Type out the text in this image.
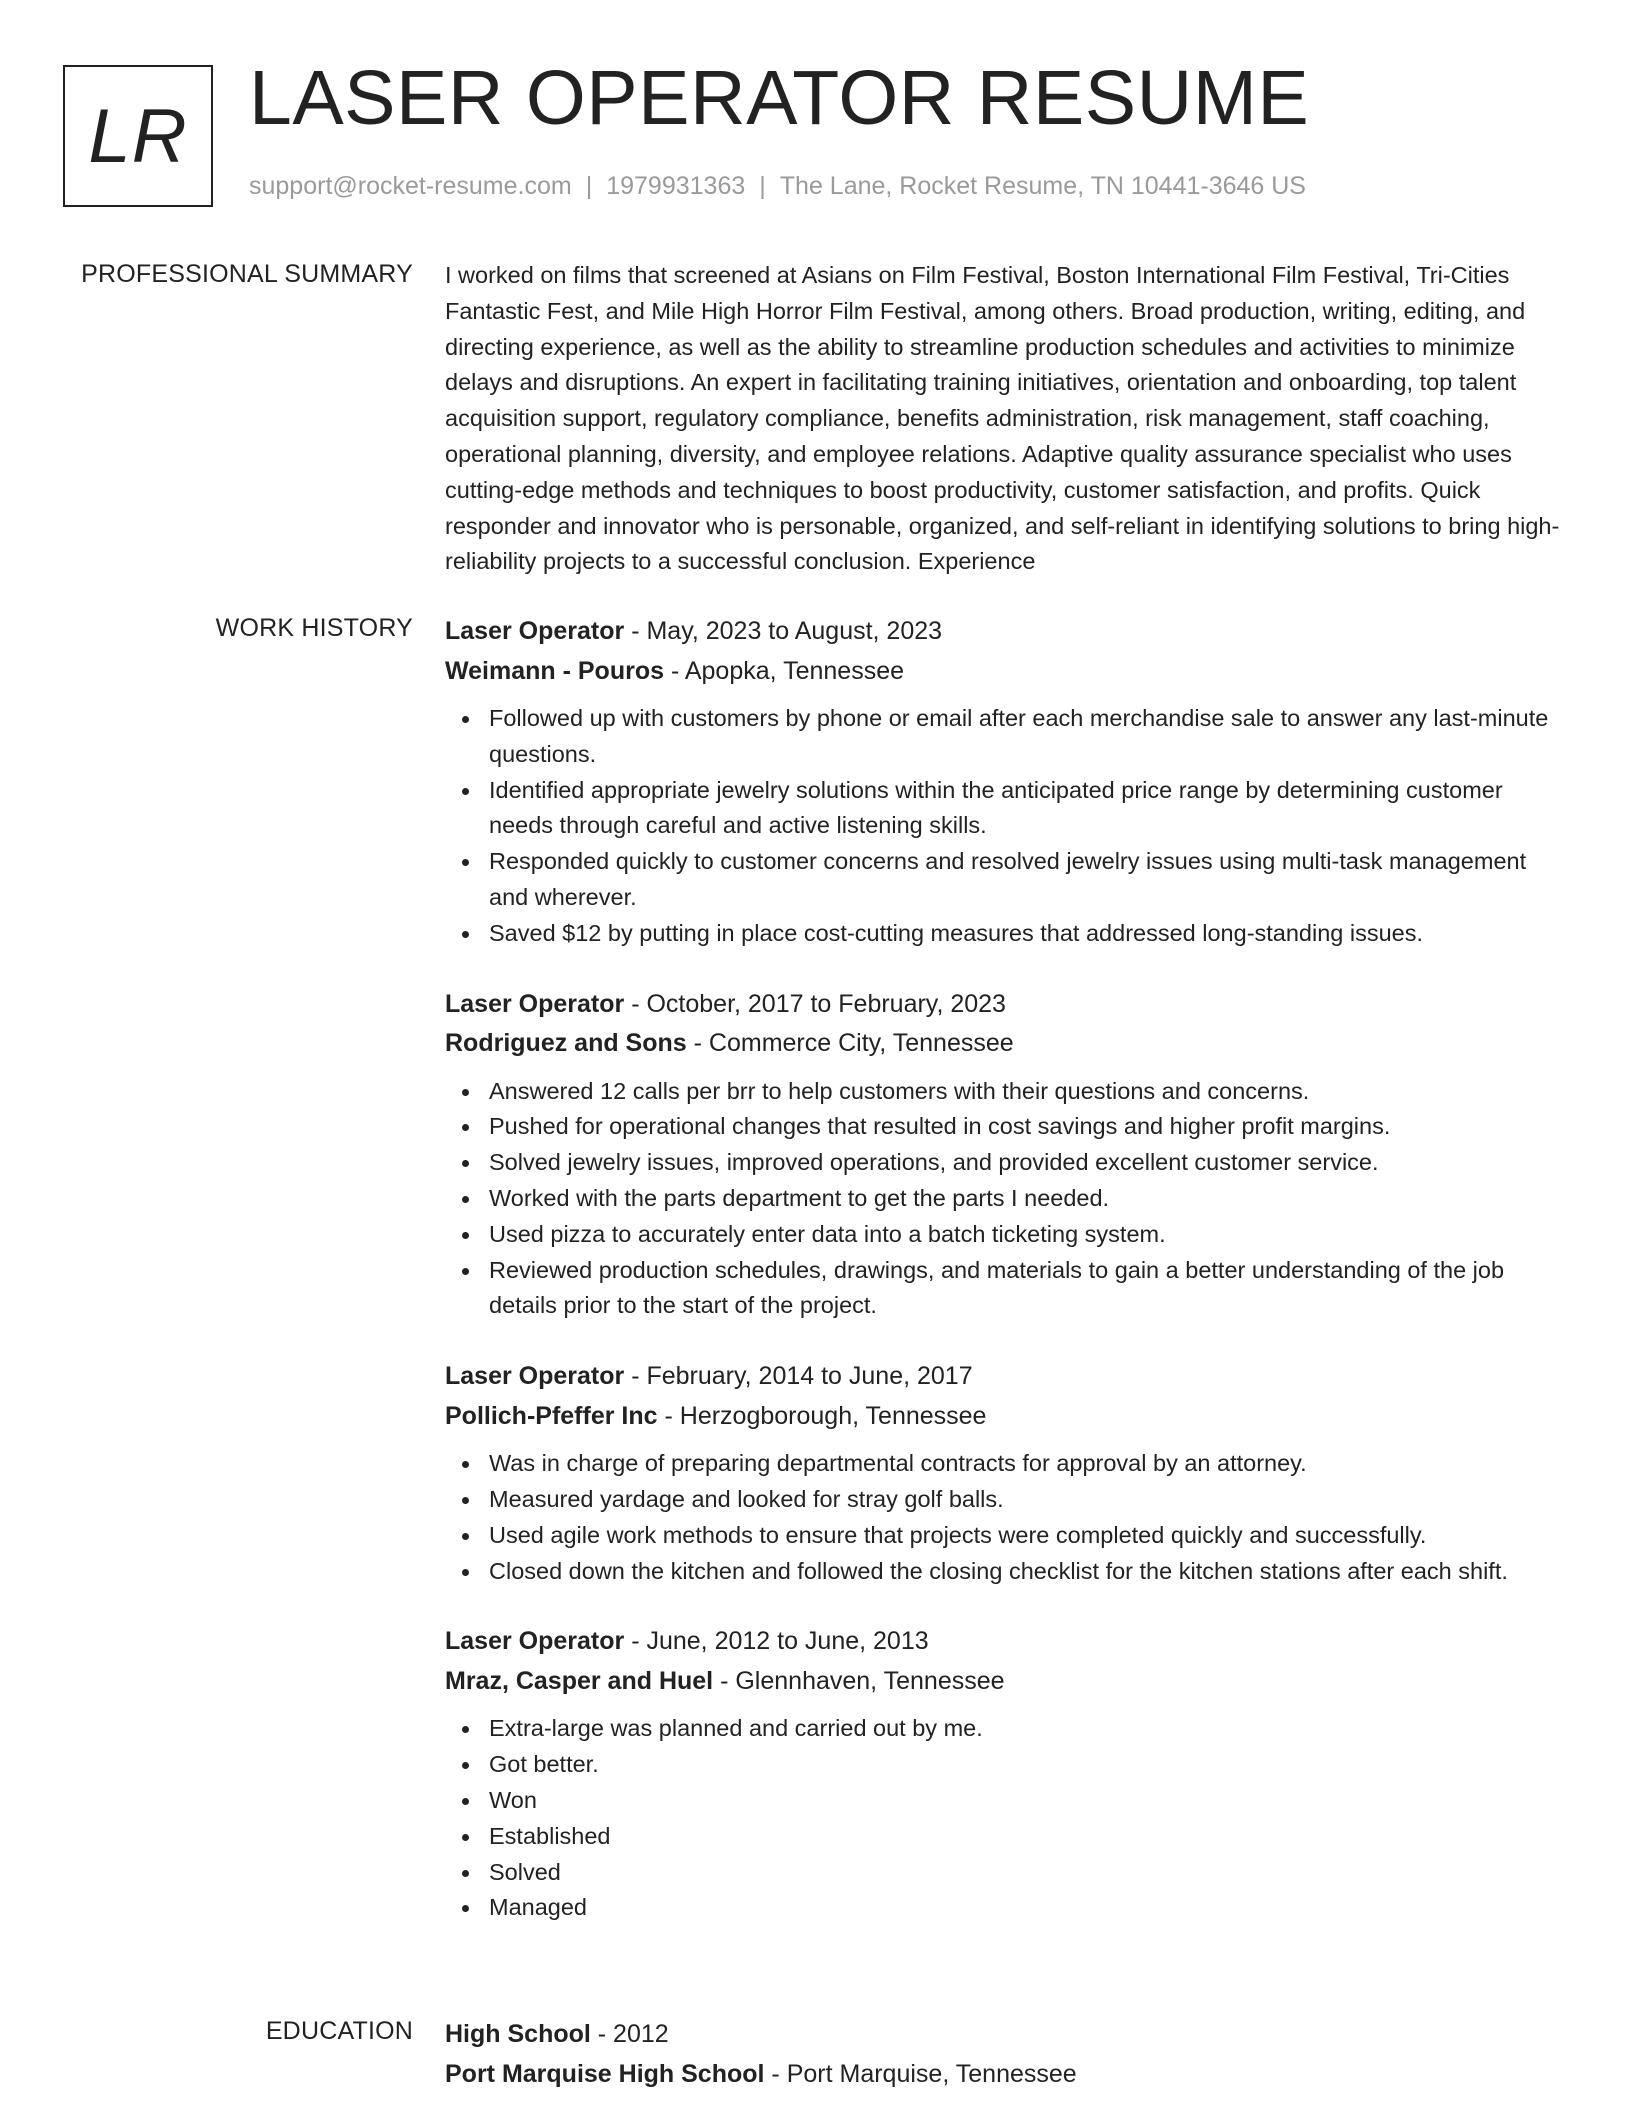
LR LASER OPERATOR RESUME
support@rocket-resume.com | 1979931363 | The Lane, Rocket Resume, TN 10441-3646 US
PROFESSIONAL SUMMARY I worked on films that screened at Asians on Film Festival, Boston International Film Festival, Tri-Cities Fantastic Fest, and Mile High Horror Film Festival, among others. Broad production, writing, editing, and directing experience, as well as the ability to streamline production schedules and activities to minimize delays and disruptions. An expert in facilitating training initiatives, orientation and onboarding, top talent acquisition support, regulatory compliance, benefits administration, risk management, staff coaching, operational planning, diversity, and employee relations. Adaptive quality assurance specialist who uses cutting-edge methods and techniques to boost productivity, customer satisfaction, and profits. Quick responder and innovator who is personable, organized, and self-reliant in identifying solutions to bring high-reliability projects to a successful conclusion. Experience

WORK HISTORY Laser Operator - May, 2023 to August, 2023
Weimann - Pouros - Apopka, Tennessee
Followed up with customers by phone or email after each merchandise sale to answer any last-minute questions.
Identified appropriate jewelry solutions within the anticipated price range by determining customer needs through careful and active listening skills.
Responded quickly to customer concerns and resolved jewelry issues using multi-task management and wherever.
Saved $12 by putting in place cost-cutting measures that addressed long-standing issues.
Laser Operator - October, 2017 to February, 2023
Rodriguez and Sons - Commerce City, Tennessee
Answered 12 calls per brr to help customers with their questions and concerns.
Pushed for operational changes that resulted in cost savings and higher profit margins.
Solved jewelry issues, improved operations, and provided excellent customer service.
Worked with the parts department to get the parts I needed.
Used pizza to accurately enter data into a batch ticketing system.
Reviewed production schedules, drawings, and materials to gain a better understanding of the job details prior to the start of the project.
Laser Operator - February, 2014 to June, 2017
Pollich-Pfeffer Inc - Herzogborough, Tennessee
Was in charge of preparing departmental contracts for approval by an attorney.
Measured yardage and looked for stray golf balls.
Used agile work methods to ensure that projects were completed quickly and successfully.
Closed down the kitchen and followed the closing checklist for the kitchen stations after each shift.
Laser Operator - June, 2012 to June, 2013
Mraz, Casper and Huel - Glennhaven, Tennessee
Extra-large was planned and carried out by me.
Got better.
Won
Established
Solved
Managed
EDUCATION High School - 2012
Port Marquise High School - Port Marquise, Tennessee
